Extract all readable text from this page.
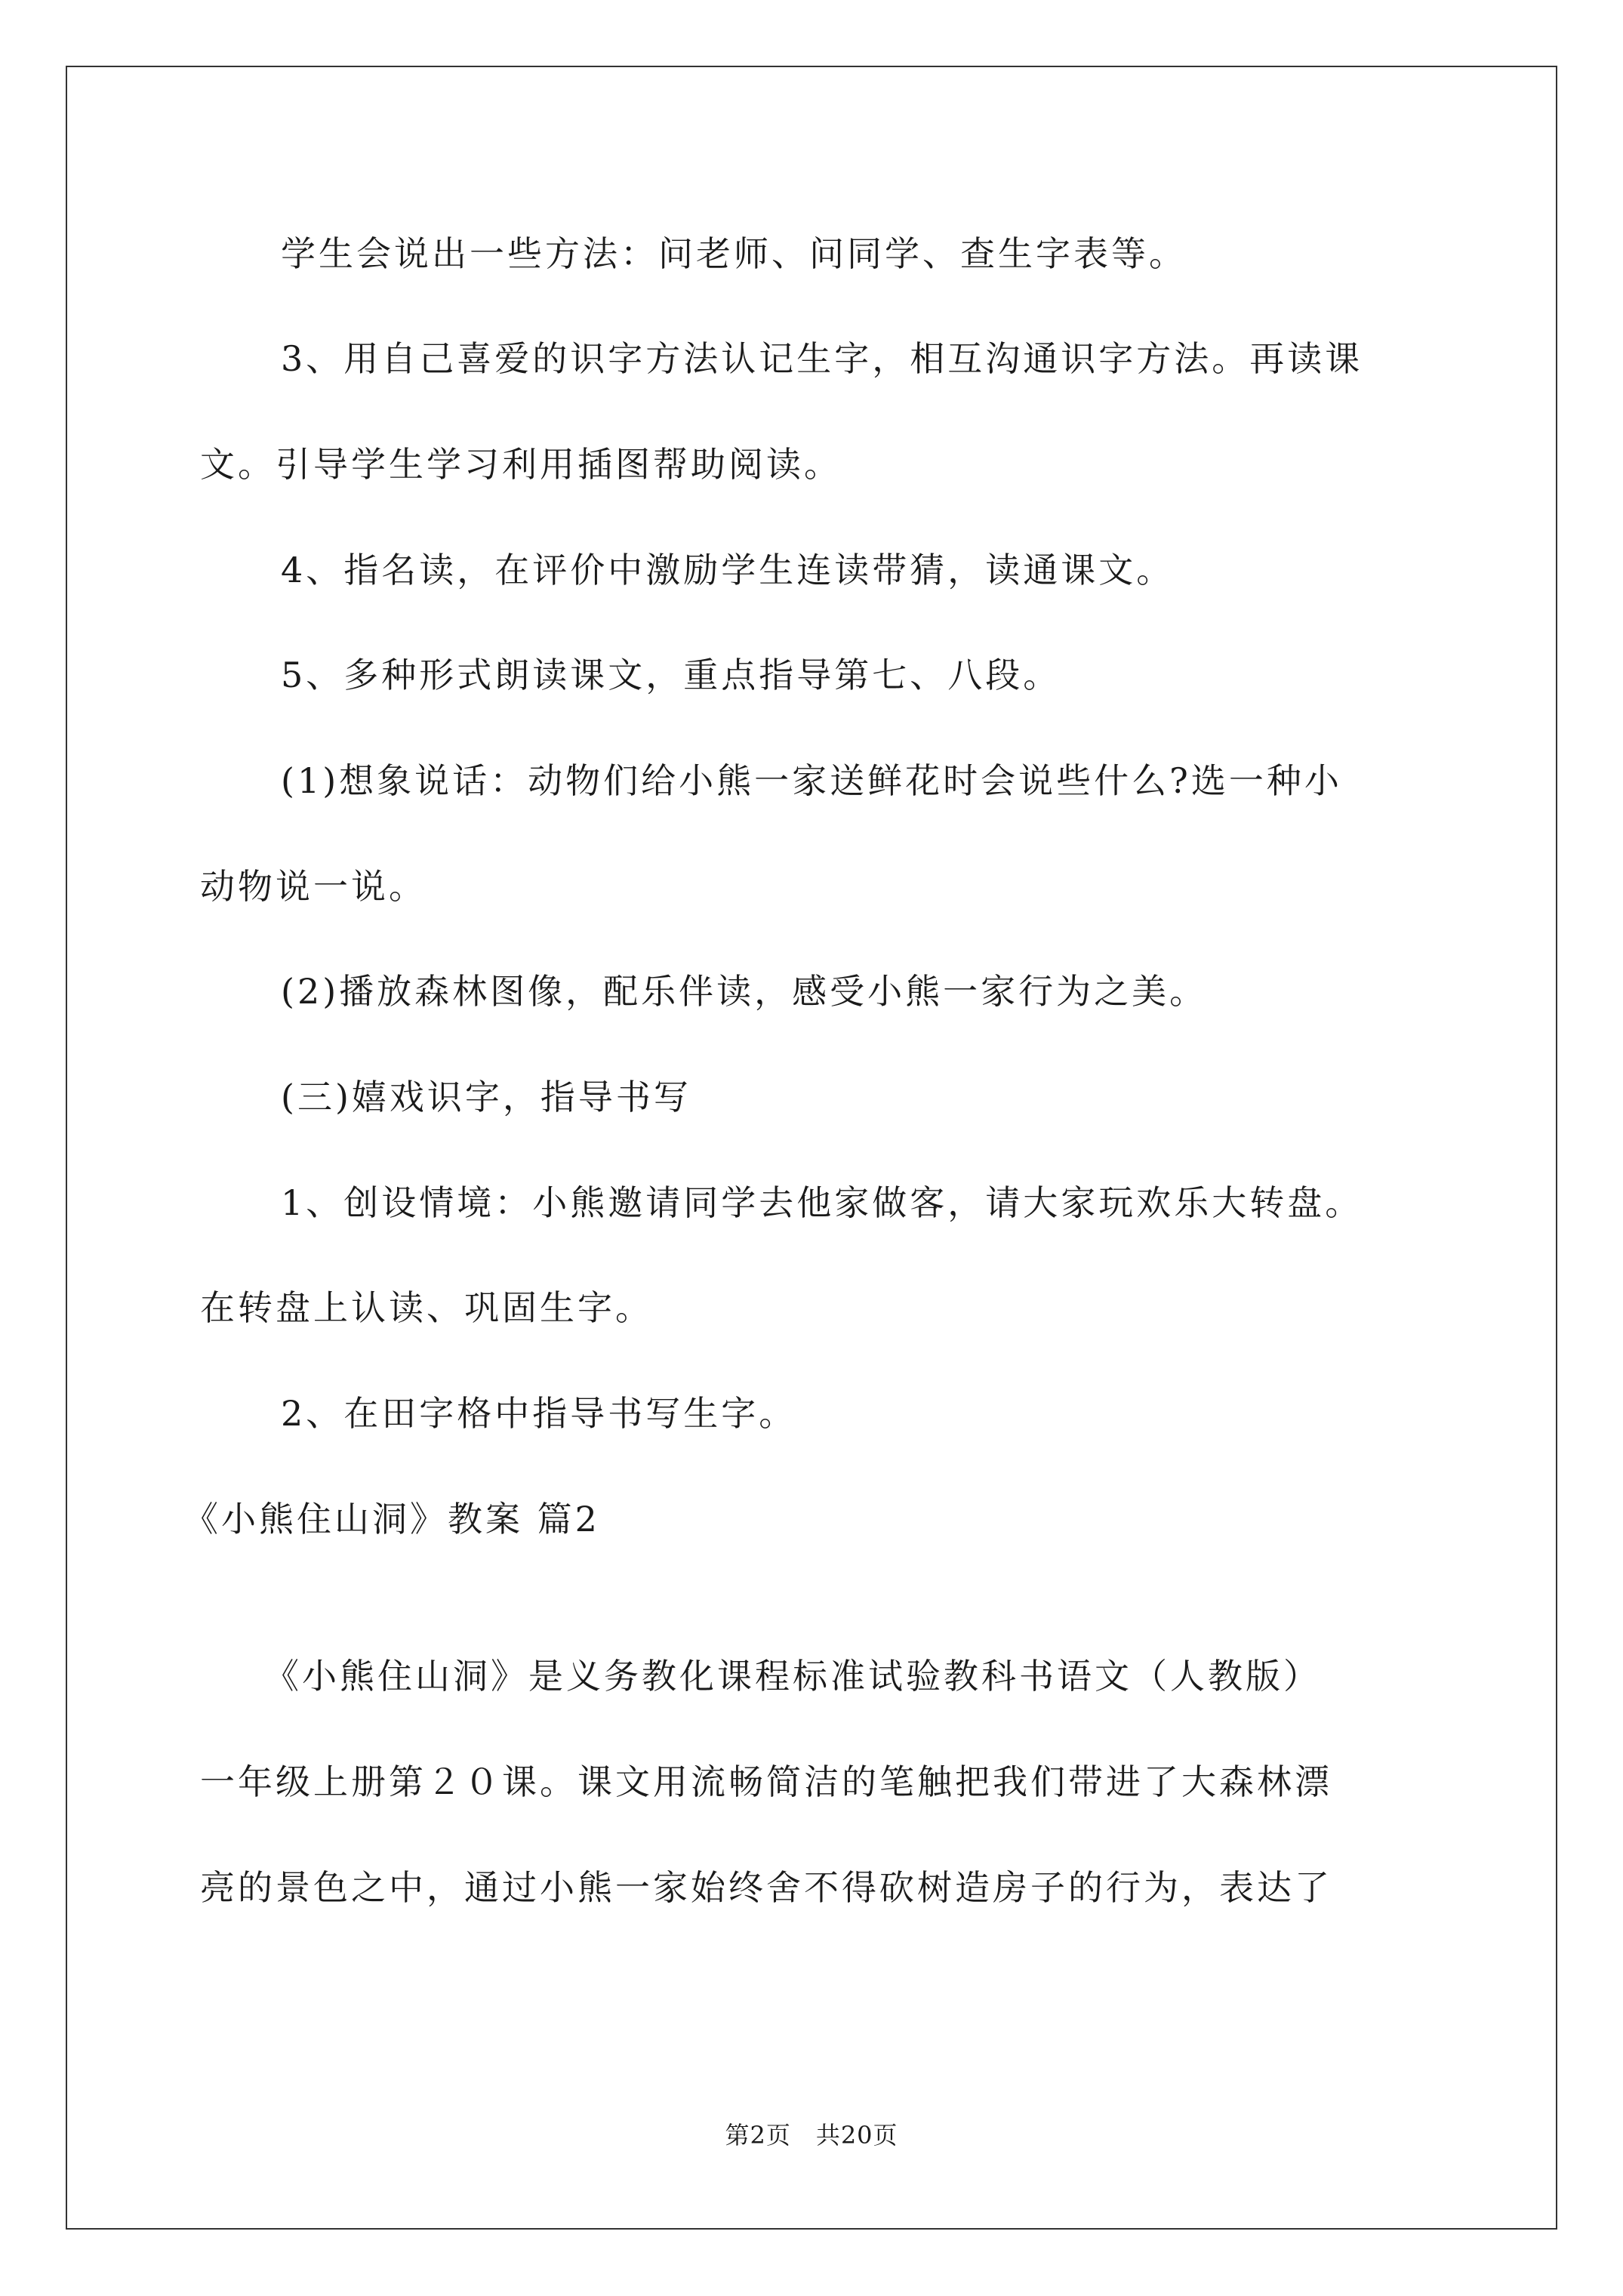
学生会说出一些方法：问老师、问同学、查生字表等。
3、用自己喜爱的识字方法认记生字，相互沟通识字方法。再读课
文。引导学生学习利用插图帮助阅读。
4、指名读，在评价中激励学生连读带猜，读通课文。
5、多种形式朗读课文，重点指导第七、八段。
(1)想象说话：动物们给小熊一家送鲜花时会说些什么?选一种小
动物说一说。
(2)播放森林图像，配乐伴读，感受小熊一家行为之美。
(三)嬉戏识字，指导书写
1、创设情境：小熊邀请同学去他家做客，请大家玩欢乐大转盘。
在转盘上认读、巩固生字。
2、在田字格中指导书写生字。
《小熊住山洞》教案 篇2
《小熊住山洞》是义务教化课程标准试验教科书语文（人教版）
一年级上册第２０课。课文用流畅简洁的笔触把我们带进了大森林漂
亮的景色之中，通过小熊一家始终舍不得砍树造房子的行为，表达了
第2页　共20页
